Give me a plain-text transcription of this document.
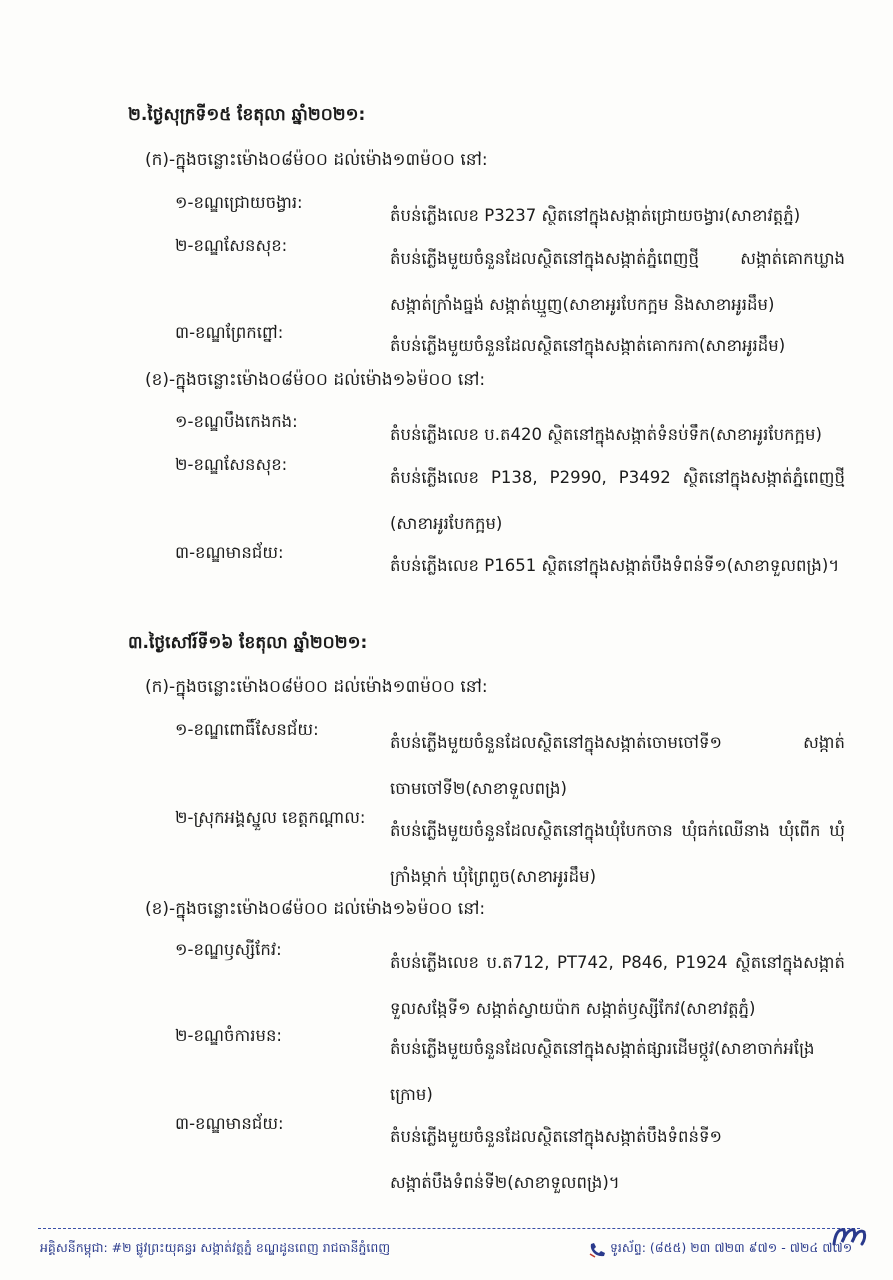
២.ថ្ងៃសុក្រទី១៥ ខែតុលា ឆ្នាំ២០២១:
(ក)-ក្នុងចន្លោះម៉ោង០៨ម៉០០ ដល់ម៉ោង១៣ម៉០០ នៅ:
១-ខណ្ឌជ្រោយចង្វារ:

តំបន់ភ្លើងលេខ P3237 ស្ថិតនៅក្នុងសង្កាត់ជ្រោយចង្វារ(សាខាវត្តភ្នំ)

២-ខណ្ឌសែនសុខ:

តំបន់ភ្លើងមួយចំនួនដែលស្ថិតនៅក្នុងសង្កាត់ភ្នំពេញថ្មី សង្កាត់គោកឃ្លាង សង្កាត់ក្រាំងធ្នង់ សង្កាត់ឃ្មួញ(សាខាអូរបែកក្អម និងសាខាអូរដឹម)

៣-ខណ្ឌព្រែកព្នៅ:

តំបន់ភ្លើងមួយចំនួនដែលស្ថិតនៅក្នុងសង្កាត់គោករកា(សាខាអូរដឹម)

(ខ)-ក្នុងចន្លោះម៉ោង០៨ម៉០០ ដល់ម៉ោង១៦ម៉០០ នៅ:
១-ខណ្ឌបឹងកេងកង:

តំបន់ភ្លើងលេខ ប.ត420 ស្ថិតនៅក្នុងសង្កាត់ទំនប់ទឹក(សាខាអូរបែកក្អម)

២-ខណ្ឌសែនសុខ:

តំបន់ភ្លើងលេខ P138, P2990, P3492 ស្ថិតនៅក្នុងសង្កាត់ភ្នំពេញថ្មី (សាខាអូរបែកក្អម)

៣-ខណ្ឌមានជ័យ:

តំបន់ភ្លើងលេខ P1651 ស្ថិតនៅក្នុងសង្កាត់បឹងទំពន់ទី១(សាខាទួលពង្រ)។

៣.ថ្ងៃសៅរ៍ទី១៦ ខែតុលា ឆ្នាំ២០២១:
(ក)-ក្នុងចន្លោះម៉ោង០៨ម៉០០ ដល់ម៉ោង១៣ម៉០០ នៅ:
១-ខណ្ឌពោធិ៍សែនជ័យ:

តំបន់ភ្លើងមួយចំនួនដែលស្ថិតនៅក្នុងសង្កាត់ចោមចៅទី១ សង្កាត់ចោមចៅទី២(សាខាទួលពង្រ)

២-ស្រុកអង្គស្នួល ខេត្តកណ្តាល:

តំបន់ភ្លើងមួយចំនួនដែលស្ថិតនៅក្នុងឃុំបែកចាន ឃុំធក់ឈើនាង ឃុំពើក ឃុំក្រាំងម្កាក់ ឃុំព្រៃពួច(សាខាអូរដឹម)

(ខ)-ក្នុងចន្លោះម៉ោង០៨ម៉០០ ដល់ម៉ោង១៦ម៉០០ នៅ:
១-ខណ្ឌឫស្សីកែវ:

តំបន់ភ្លើងលេខ ប.ត712, PT742, P846, P1924 ស្ថិតនៅក្នុងសង្កាត់ទួលសង្កែទី១ សង្កាត់ស្វាយប៉ាក សង្កាត់ឫស្សីកែវ(សាខាវត្តភ្នំ)

២-ខណ្ឌចំការមន:

តំបន់ភ្លើងមួយចំនួនដែលស្ថិតនៅក្នុងសង្កាត់ផ្សារដើមថ្កូវ(សាខាចាក់អង្រែក្រោម)

៣-ខណ្ឌមានជ័យ:

តំបន់ភ្លើងមួយចំនួនដែលស្ថិតនៅក្នុងសង្កាត់បឹងទំពន់ទី១ សង្កាត់បឹងទំពន់ទី២(សាខាទួលពង្រ)។

អគ្គិសនីកម្ពុជា: #២ ផ្លូវព្រះយុគន្ធរ សង្កាត់វត្តភ្នំ ខណ្ឌដូនពេញ រាជធានីភ្នំពេញ	ទូរស័ព្ទ: (៨៥៥) ២៣ ៧២៣ ៩៧១ - ៧២៤ ៧៧១
